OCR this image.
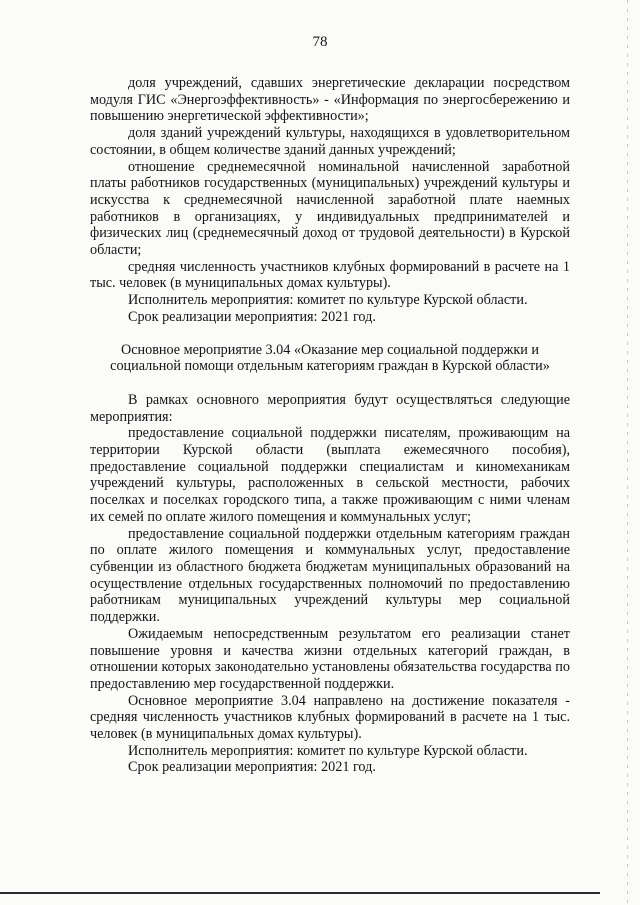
78

доля учреждений, сдавших энергетические декларации посредством модуля ГИС «Энергоэффективность» - «Информация по энергосбережению и повышению энергетической эффективности»;

доля зданий учреждений культуры, находящихся в удовлетворительном состоянии, в общем количестве зданий данных учреждений;

отношение среднемесячной номинальной начисленной заработной платы работников государственных (муниципальных) учреждений культуры и искусства к среднемесячной начисленной заработной плате наемных работников в организациях, у индивидуальных предпринимателей и физических лиц (среднемесячный доход от трудовой деятельности) в Курской области;

средняя численность участников клубных формирований в расчете на 1 тыс. человек (в муниципальных домах культуры).

Исполнитель мероприятия: комитет по культуре Курской области.

Срок реализации мероприятия: 2021 год.

Основное мероприятие 3.04 «Оказание мер социальной поддержки и социальной помощи отдельным категориям граждан в Курской области»

В рамках основного мероприятия будут осуществляться следующие мероприятия:

предоставление социальной поддержки писателям, проживающим на территории Курской области (выплата ежемесячного пособия), предоставление социальной поддержки специалистам и киномеханикам учреждений культуры, расположенных в сельской местности, рабочих поселках и поселках городского типа, а также проживающим с ними членам их семей по оплате жилого помещения и коммунальных услуг;

предоставление социальной поддержки отдельным категориям граждан по оплате жилого помещения и коммунальных услуг, предоставление субвенции из областного бюджета бюджетам муниципальных образований на осуществление отдельных государственных полномочий по предоставлению работникам муниципальных учреждений культуры мер социальной поддержки.

Ожидаемым непосредственным результатом его реализации станет повышение уровня и качества жизни отдельных категорий граждан, в отношении которых законодательно установлены обязательства государства по предоставлению мер государственной поддержки.

Основное мероприятие 3.04 направлено на достижение показателя - средняя численность участников клубных формирований в расчете на 1 тыс. человек (в муниципальных домах культуры).

Исполнитель мероприятия: комитет по культуре Курской области.

Срок реализации мероприятия: 2021 год.
